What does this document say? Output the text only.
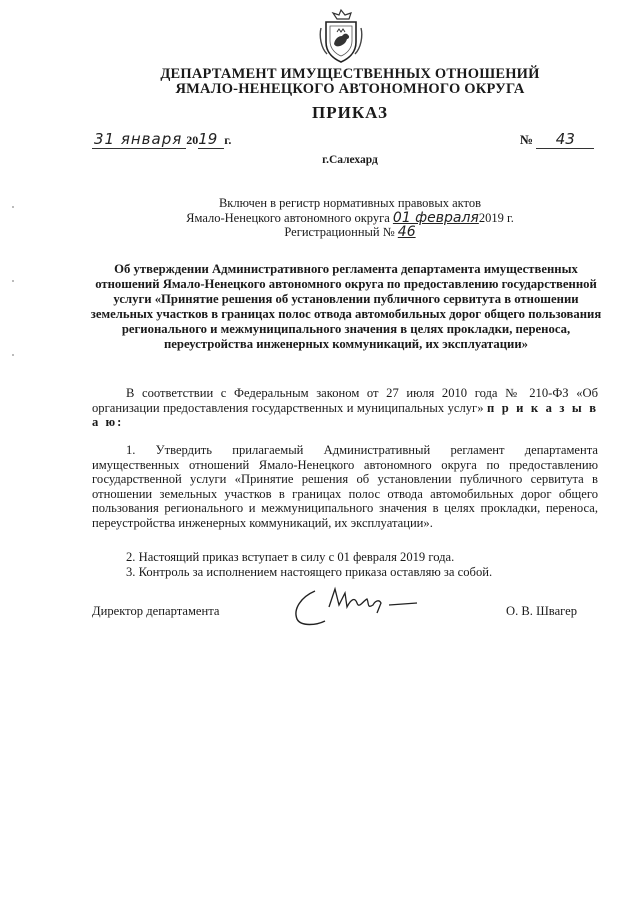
ДЕПАРТАМЕНТ ИМУЩЕСТВЕННЫХ ОТНОШЕНИЙ
ЯМАЛО-НЕНЕЦКОГО АВТОНОМНОГО ОКРУГА
ПРИКАЗ
31 января 2019 г.	№ 43
г.Салехард
Включен в регистр нормативных правовых актов
Ямало-Ненецкого автономного округа 01 февраля2019 г.
Регистрационный № 46
Об утверждении Административного регламента департамента имущественных отношений Ямало-Ненецкого автономного округа по предоставлению государственной услуги «Принятие решения об установлении публичного сервитута в отношении земельных участков в границах полос отвода автомобильных дорог общего пользования регионального и межмуниципального значения в целях прокладки, переноса, переустройства инженерных коммуникаций, их эксплуатации»
В соответствии с Федеральным законом от 27 июля 2010 года № 210-ФЗ «Об организации предоставления государственных и муниципальных услуг» п р и к а з ы в а ю:
1. Утвердить прилагаемый Административный регламент департамента имущественных отношений Ямало-Ненецкого автономного округа по предоставлению государственной услуги «Принятие решения об установлении публичного сервитута в отношении земельных участков в границах полос отвода автомобильных дорог общего пользования регионального и межмуниципального значения в целях прокладки, переноса, переустройства инженерных коммуникаций, их эксплуатации».
2. Настоящий приказ вступает в силу с 01 февраля 2019 года.
3. Контроль за исполнением настоящего приказа оставляю за собой.
Директор департамента	О. В. Швагер
